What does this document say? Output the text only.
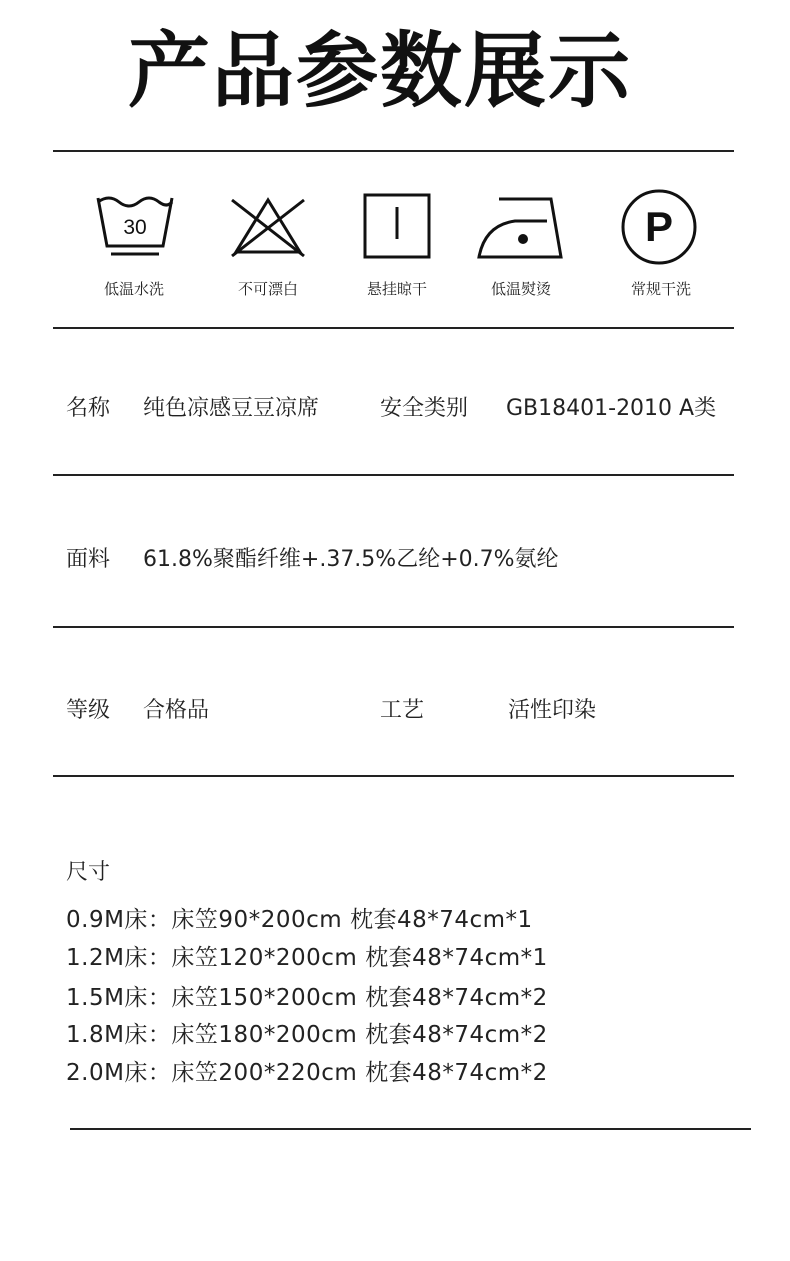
产品参数展示
30
低温水洗	不可漂白	悬挂晾干	低温熨烫
P
常规干洗
名称 纯色凉感豆豆凉席	安全类别 GB18401-2010 A类
面料 61.8%聚酯纤维+.37.5%乙纶+0.7%氨纶
等级 合格品	工艺	活性印染
尺寸
0.9M床：床笠90*200cm 枕套48*74cm*1
1.2M床：床笠120*200cm 枕套48*74cm*1
1.5M床：床笠150*200cm 枕套48*74cm*2
1.8M床：床笠180*200cm 枕套48*74cm*2
2.0M床：床笠200*220cm 枕套48*74cm*2
